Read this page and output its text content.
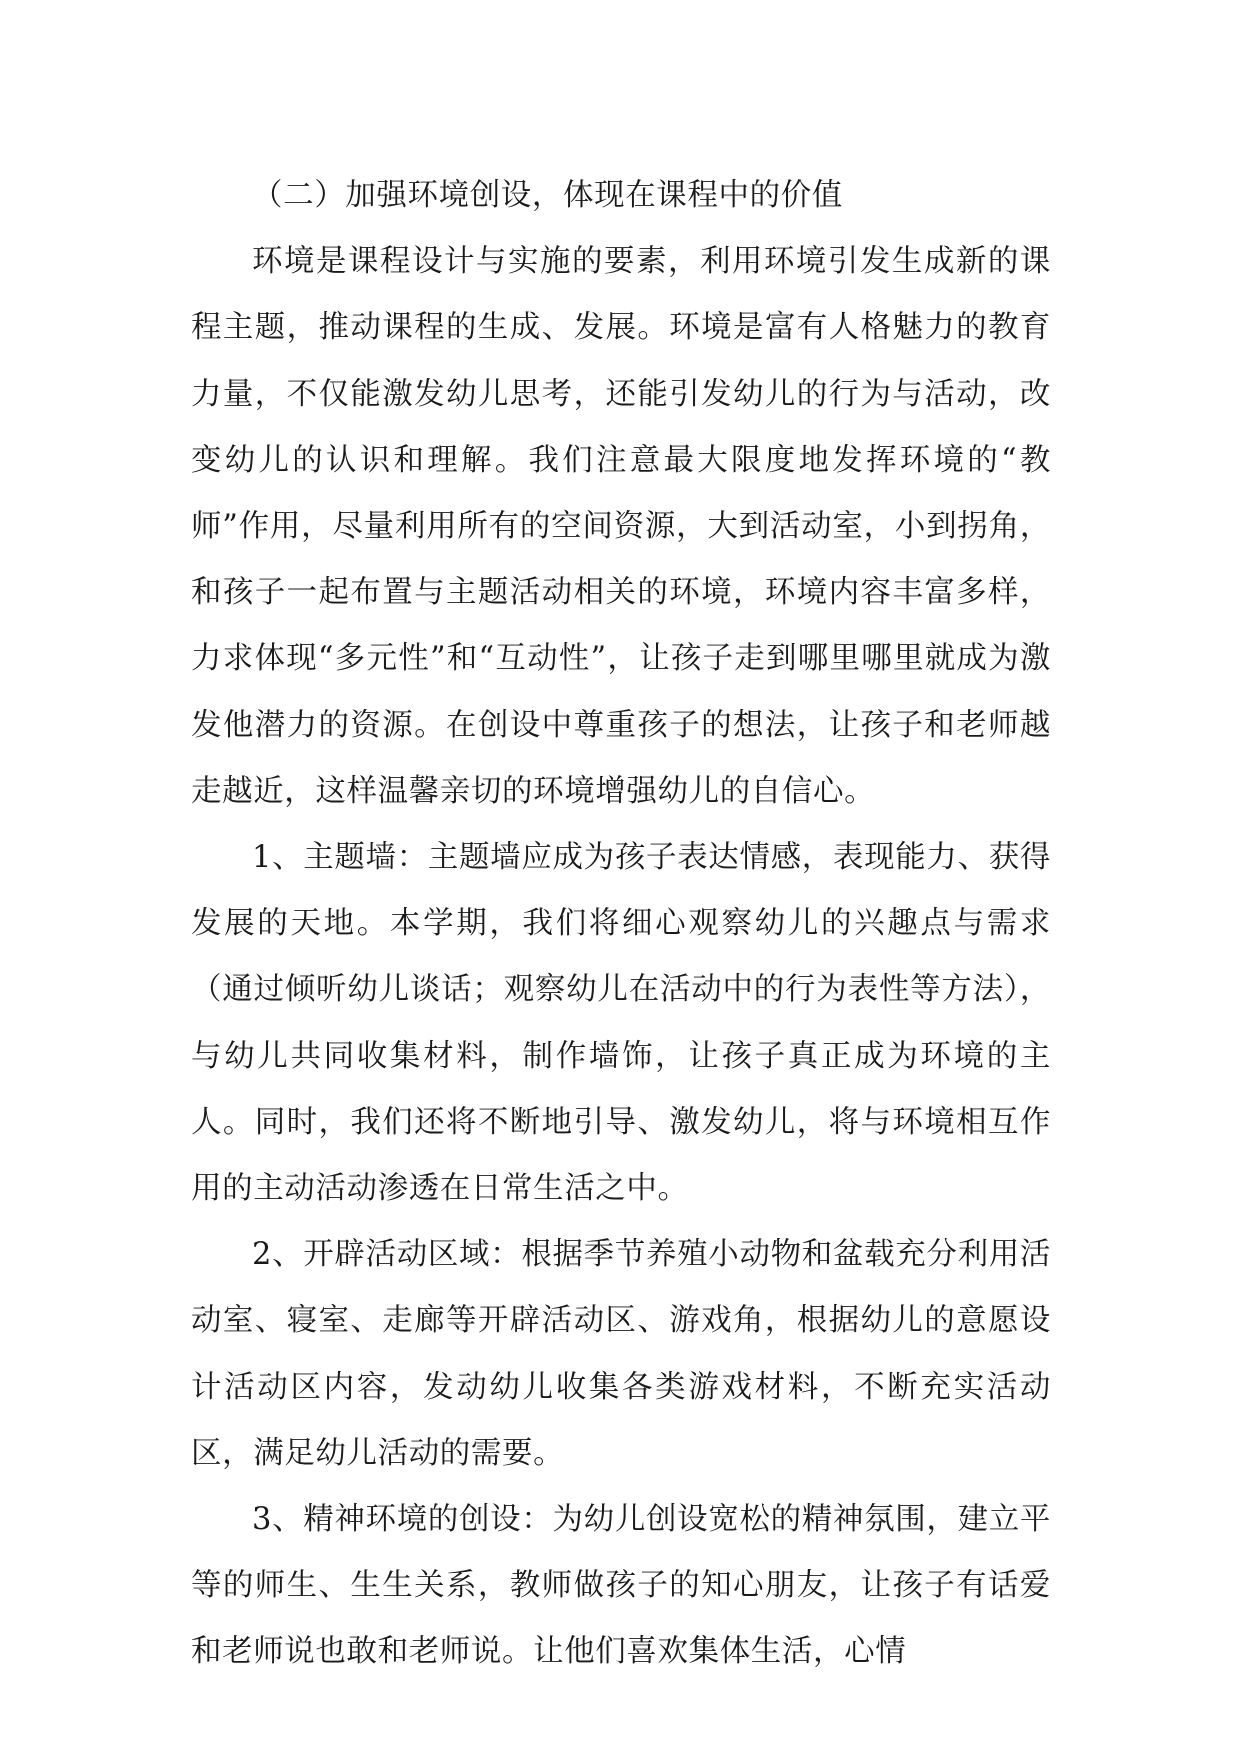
（二）加强环境创设，体现在课程中的价值

环境是课程设计与实施的要素，利用环境引发生成新的课程主题，推动课程的生成、发展。环境是富有人格魅力的教育力量，不仅能激发幼儿思考，还能引发幼儿的行为与活动，改变幼儿的认识和理解。我们注意最大限度地发挥环境的“教师”作用，尽量利用所有的空间资源，大到活动室，小到拐角，和孩子一起布置与主题活动相关的环境，环境内容丰富多样，力求体现“多元性”和“互动性”，让孩子走到哪里哪里就成为激发他潜力的资源。在创设中尊重孩子的想法，让孩子和老师越走越近，这样温馨亲切的环境增强幼儿的自信心。

1、主题墙：主题墙应成为孩子表达情感，表现能力、获得发展的天地。本学期，我们将细心观察幼儿的兴趣点与需求（通过倾听幼儿谈话；观察幼儿在活动中的行为表性等方法），与幼儿共同收集材料，制作墙饰，让孩子真正成为环境的主人。同时，我们还将不断地引导、激发幼儿，将与环境相互作用的主动活动渗透在日常生活之中。

2、开辟活动区域：根据季节养殖小动物和盆载充分利用活动室、寝室、走廊等开辟活动区、游戏角，根据幼儿的意愿设计活动区内容，发动幼儿收集各类游戏材料，不断充实活动区，满足幼儿活动的需要。

3、精神环境的创设：为幼儿创设宽松的精神氛围，建立平等的师生、生生关系，教师做孩子的知心朋友，让孩子有话爱和老师说也敢和老师说。让他们喜欢集体生活，心情
